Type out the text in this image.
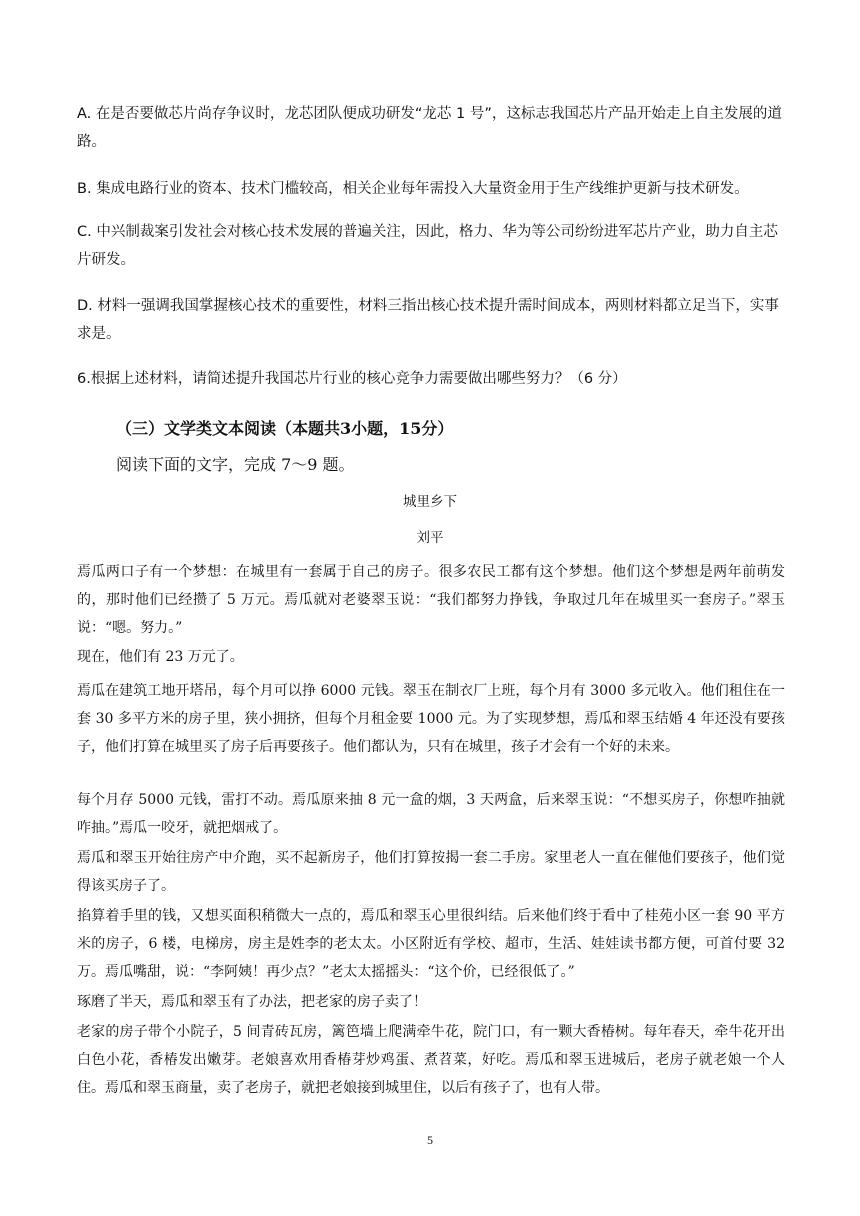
A. 在是否要做芯片尚存争议时，龙芯团队便成功研发“龙芯 1 号”，这标志我国芯片产品开始走上自主发展的道路。

B. 集成电路行业的资本、技术门槛较高，相关企业每年需投入大量资金用于生产线维护更新与技术研发。

C. 中兴制裁案引发社会对核心技术发展的普遍关注，因此，格力、华为等公司纷纷进军芯片产业，助力自主芯片研发。

D. 材料一强调我国掌握核心技术的重要性，材料三指出核心技术提升需时间成本，两则材料都立足当下，实事求是。

6.根据上述材料，请简述提升我国芯片行业的核心竞争力需要做出哪些努力？（6 分）

（三）文学类文本阅读（本题共3小题，15分）

阅读下面的文字，完成 7～9 题。

城里乡下

刘平

焉瓜两口子有一个梦想：在城里有一套属于自己的房子。很多农民工都有这个梦想。他们这个梦想是两年前萌发的，那时他们已经攒了 5 万元。焉瓜就对老婆翠玉说：“我们都努力挣钱，争取过几年在城里买一套房子。”翠玉说：“嗯。努力。”

现在，他们有 23 万元了。

焉瓜在建筑工地开塔吊，每个月可以挣 6000 元钱。翠玉在制衣厂上班，每个月有 3000 多元收入。他们租住在一套 30 多平方米的房子里，狭小拥挤，但每个月租金要 1000 元。为了实现梦想，焉瓜和翠玉结婚 4 年还没有要孩子，他们打算在城里买了房子后再要孩子。他们都认为，只有在城里，孩子才会有一个好的未来。

每个月存 5000 元钱，雷打不动。焉瓜原来抽 8 元一盒的烟，3 天两盒，后来翠玉说：“不想买房子，你想咋抽就咋抽。”焉瓜一咬牙，就把烟戒了。

焉瓜和翠玉开始往房产中介跑，买不起新房子，他们打算按揭一套二手房。家里老人一直在催他们要孩子，他们觉得该买房子了。

掐算着手里的钱，又想买面积稍微大一点的，焉瓜和翠玉心里很纠结。后来他们终于看中了桂苑小区一套 90 平方米的房子，6 楼，电梯房，房主是姓李的老太太。小区附近有学校、超市，生活、娃娃读书都方便，可首付要 32 万。焉瓜嘴甜，说：“李阿姨！再少点？”老太太摇摇头：“这个价，已经很低了。”

琢磨了半天，焉瓜和翠玉有了办法，把老家的房子卖了！

老家的房子带个小院子，5 间青砖瓦房，篱笆墙上爬满牵牛花，院门口，有一颗大香椿树。每年春天，牵牛花开出白色小花，香椿发出嫩芽。老娘喜欢用香椿芽炒鸡蛋、煮苕菜，好吃。焉瓜和翠玉进城后，老房子就老娘一个人住。焉瓜和翠玉商量，卖了老房子，就把老娘接到城里住，以后有孩子了，也有人带。

5
